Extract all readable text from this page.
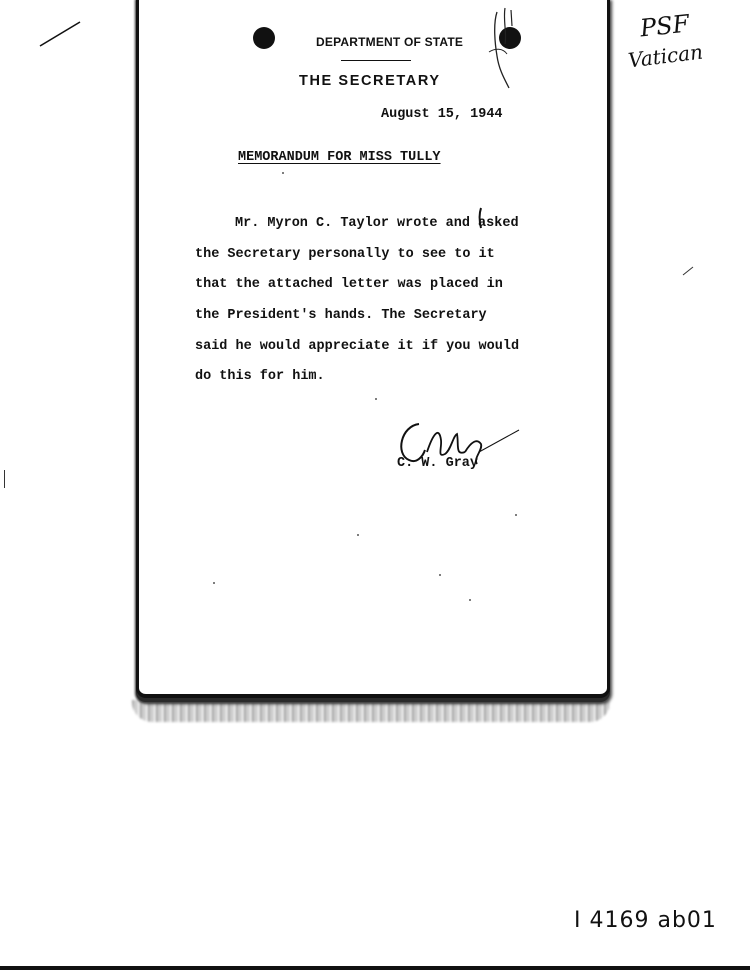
DEPARTMENT OF STATE
THE SECRETARY
August 15, 1944
MEMORANDUM FOR MISS TULLY
Mr. Myron C. Taylor wrote and asked
the Secretary personally to see to it
that the attached letter was placed in
the President's hands. The Secretary
said he would appreciate it if you would
do this for him.
C. W. Gray
PSF
Vatican
I 4169 ab01
